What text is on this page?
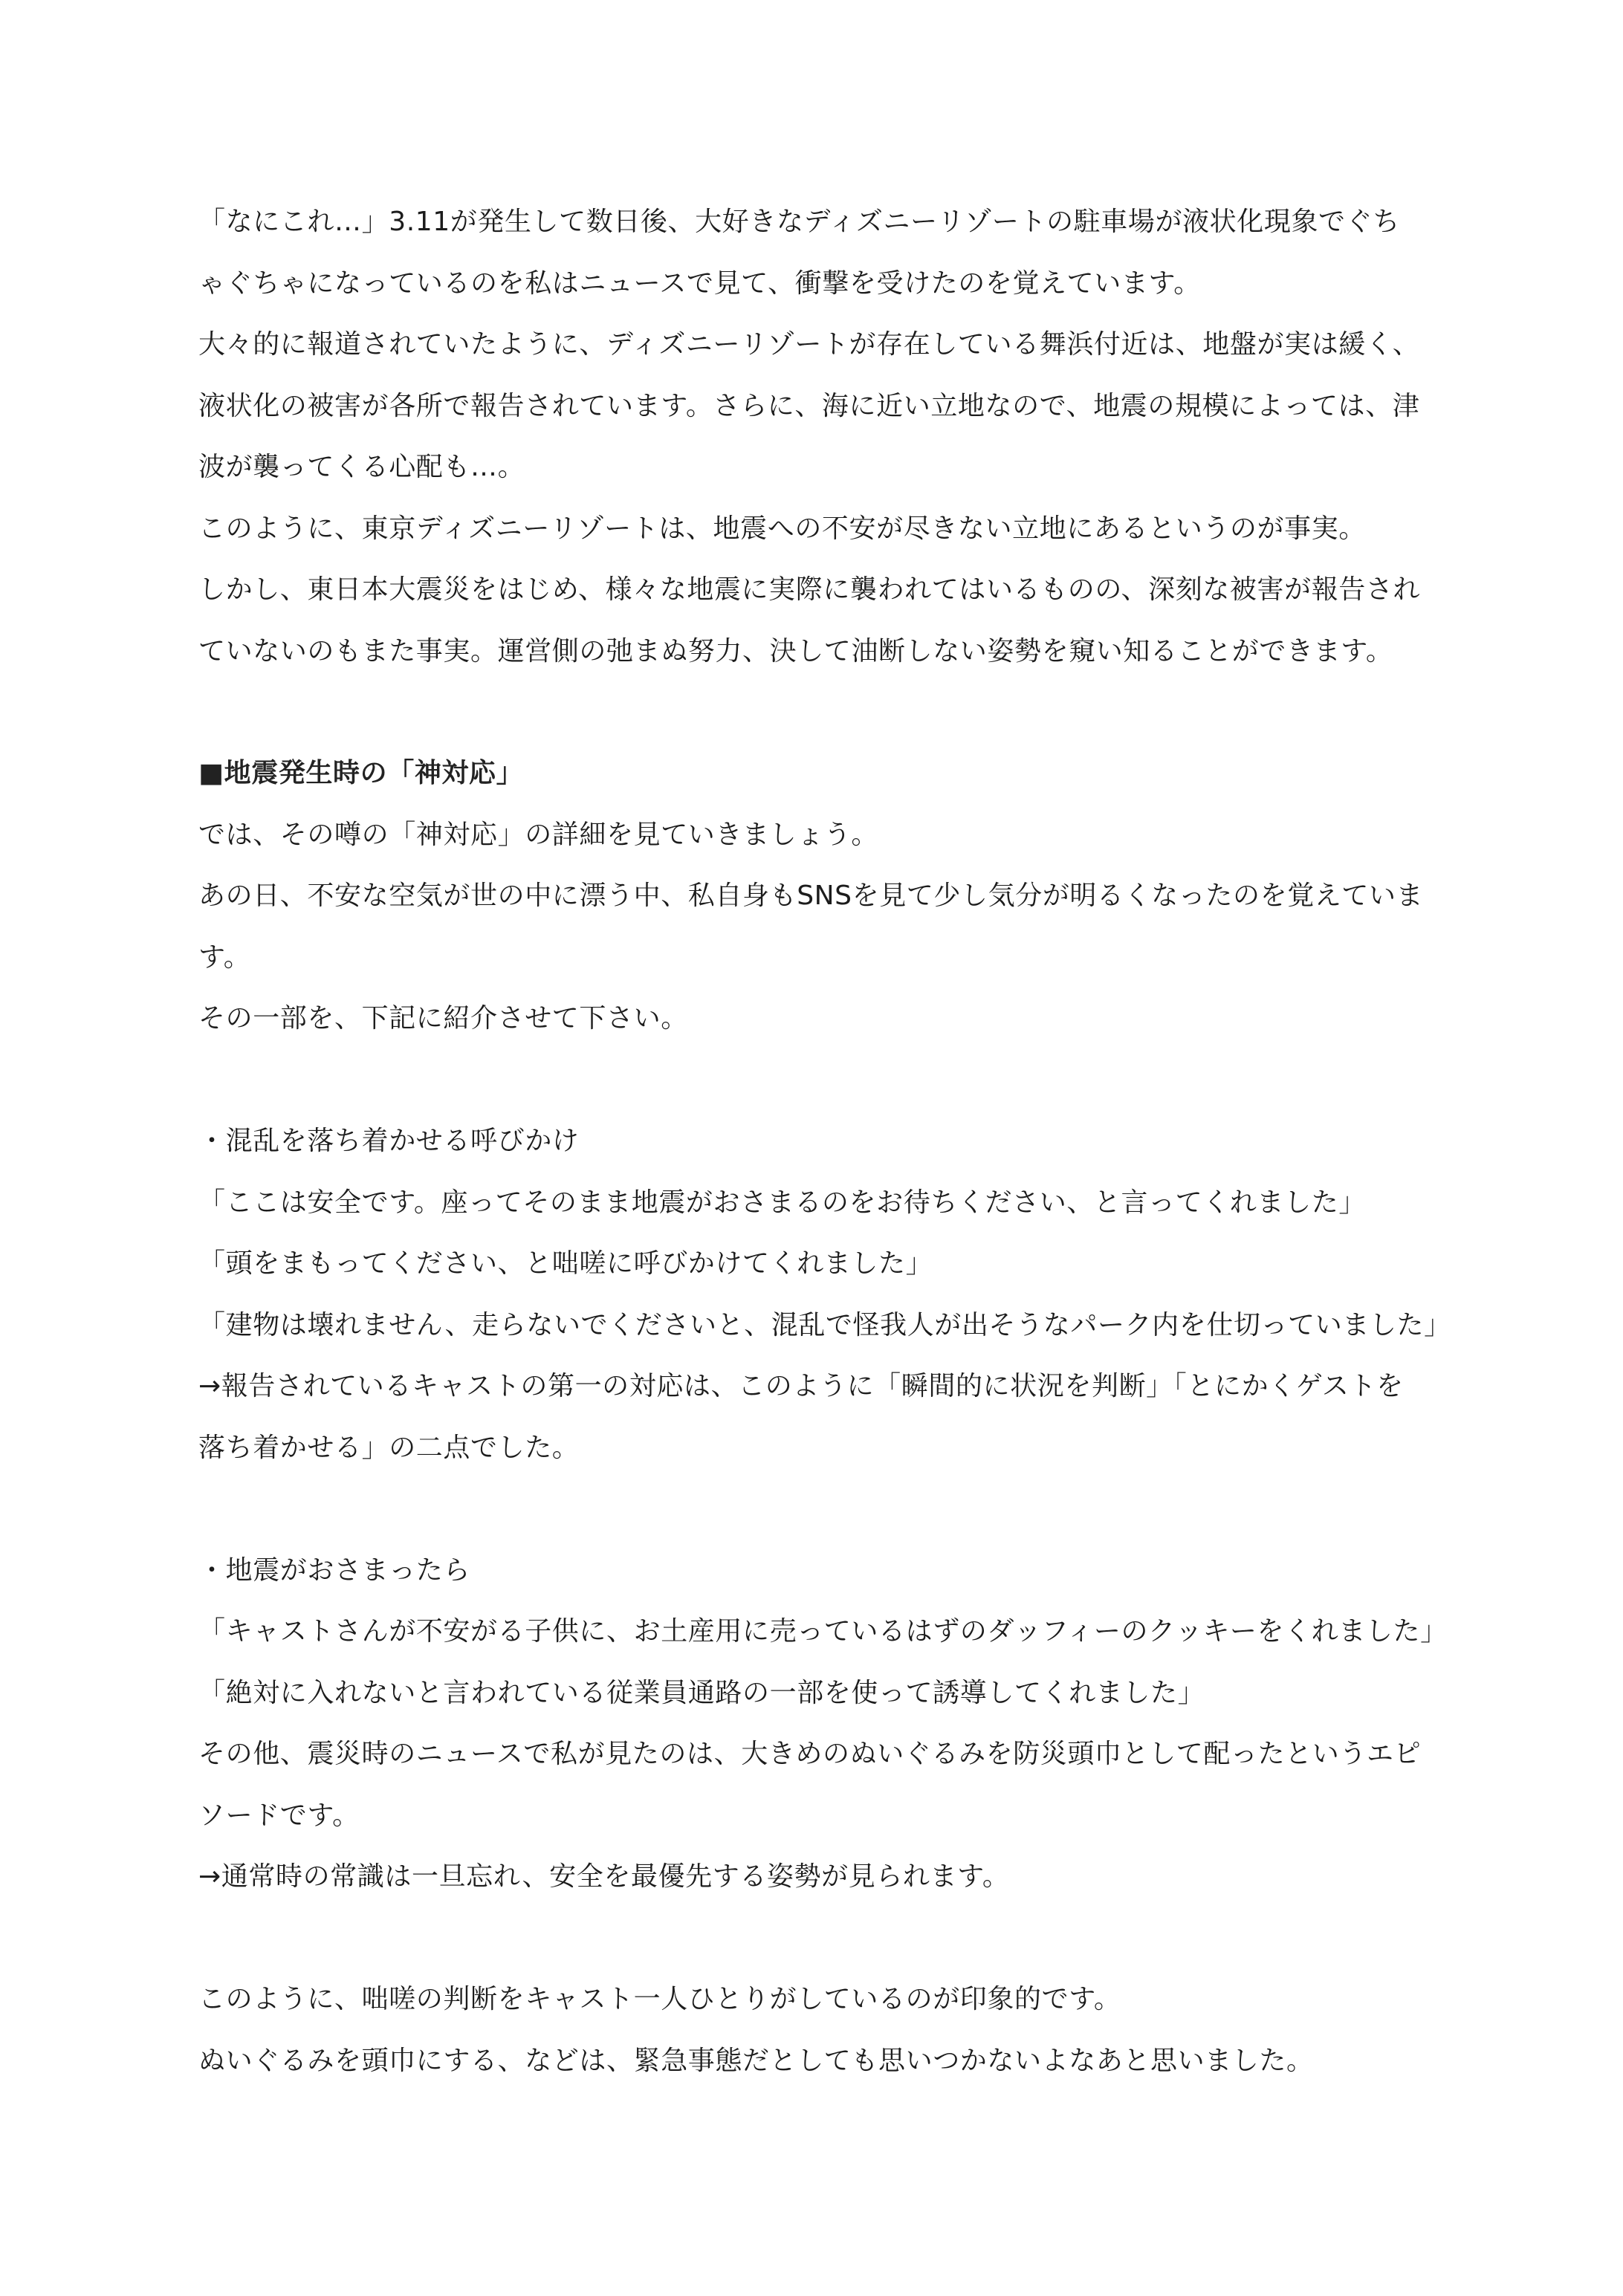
「なにこれ…」3.11が発生して数日後、大好きなディズニーリゾートの駐車場が液状化現象でぐち
ゃぐちゃになっているのを私はニュースで見て、衝撃を受けたのを覚えています。
大々的に報道されていたように、ディズニーリゾートが存在している舞浜付近は、地盤が実は緩く、
液状化の被害が各所で報告されています。さらに、海に近い立地なので、地震の規模によっては、津
波が襲ってくる心配も…。
このように、東京ディズニーリゾートは、地震への不安が尽きない立地にあるというのが事実。
しかし、東日本大震災をはじめ、様々な地震に実際に襲われてはいるものの、深刻な被害が報告され
ていないのもまた事実。運営側の弛まぬ努力、決して油断しない姿勢を窺い知ることができます。
■地震発生時の「神対応」
では、その噂の「神対応」の詳細を見ていきましょう。
あの日、不安な空気が世の中に漂う中、私自身もSNSを見て少し気分が明るくなったのを覚えていま
す。
その一部を、下記に紹介させて下さい。
・混乱を落ち着かせる呼びかけ
「ここは安全です。座ってそのまま地震がおさまるのをお待ちください、と言ってくれました」
「頭をまもってください、と咄嗟に呼びかけてくれました」
「建物は壊れません、走らないでくださいと、混乱で怪我人が出そうなパーク内を仕切っていました」
→報告されているキャストの第一の対応は、このように「瞬間的に状況を判断」「とにかくゲストを
落ち着かせる」の二点でした。
・地震がおさまったら
「キャストさんが不安がる子供に、お土産用に売っているはずのダッフィーのクッキーをくれました」
「絶対に入れないと言われている従業員通路の一部を使って誘導してくれました」
その他、震災時のニュースで私が見たのは、大きめのぬいぐるみを防災頭巾として配ったというエピ
ソードです。
→通常時の常識は一旦忘れ、安全を最優先する姿勢が見られます。
このように、咄嗟の判断をキャスト一人ひとりがしているのが印象的です。
ぬいぐるみを頭巾にする、などは、緊急事態だとしても思いつかないよなあと思いました。
